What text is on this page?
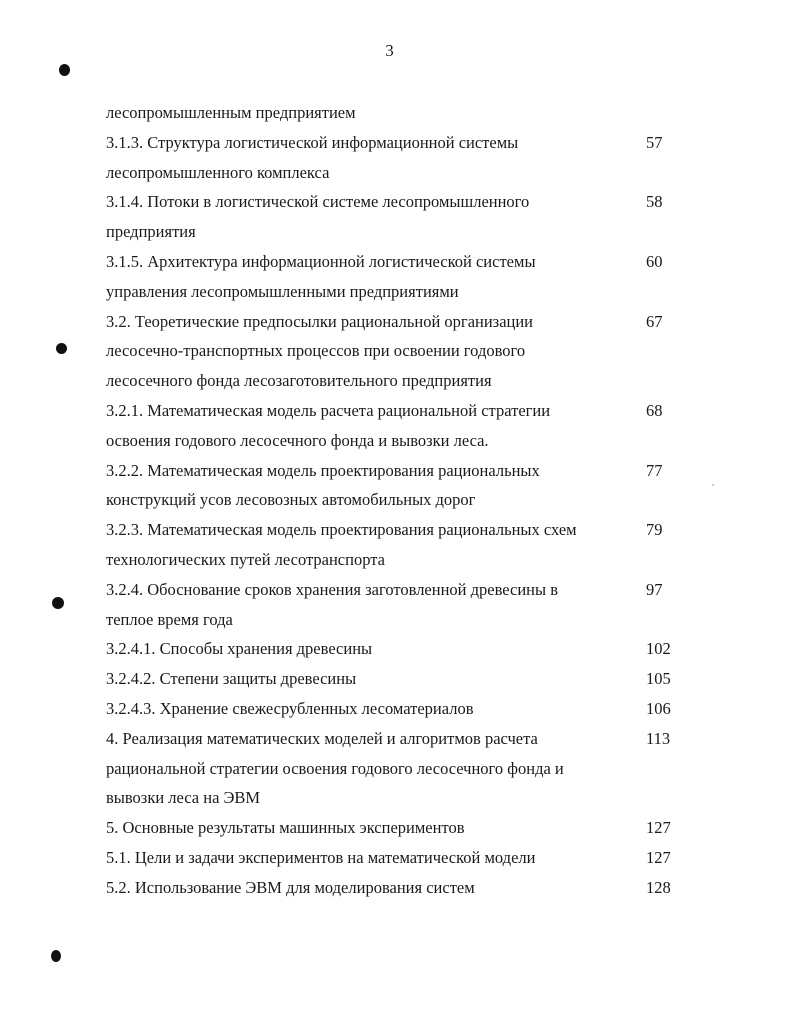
3
лесопромышленным предприятием
3.1.3. Структура логистической информационной системы	57
лесопромышленного комплекса
3.1.4. Потоки в логистической системе лесопромышленного	58
предприятия
3.1.5. Архитектура информационной логистической системы	60
управления лесопромышленными предприятиями
3.2. Теоретические предпосылки рациональной организации	67
лесосечно-транспортных процессов при освоении годового
лесосечного фонда лесозаготовительного предприятия
3.2.1. Математическая модель расчета рациональной стратегии	68
освоения годового лесосечного фонда и вывозки леса.
3.2.2. Математическая модель проектирования рациональных	77
конструкций усов лесовозных автомобильных дорог
3.2.3. Математическая модель проектирования рациональных схем	79
технологических путей лесотранспорта
3.2.4. Обоснование сроков хранения заготовленной древесины в	97
теплое время года
3.2.4.1. Способы хранения древесины	102
3.2.4.2. Степени защиты древесины	105
3.2.4.3. Хранение свежесрубленных лесоматериалов	106
4. Реализация математических моделей и алгоритмов расчета	113
рациональной стратегии освоения годового лесосечного фонда и
вывозки леса на ЭВМ
5. Основные результаты машинных экспериментов	127
5.1. Цели и задачи экспериментов на математической модели	127
5.2. Использование ЭВМ для моделирования систем	128
